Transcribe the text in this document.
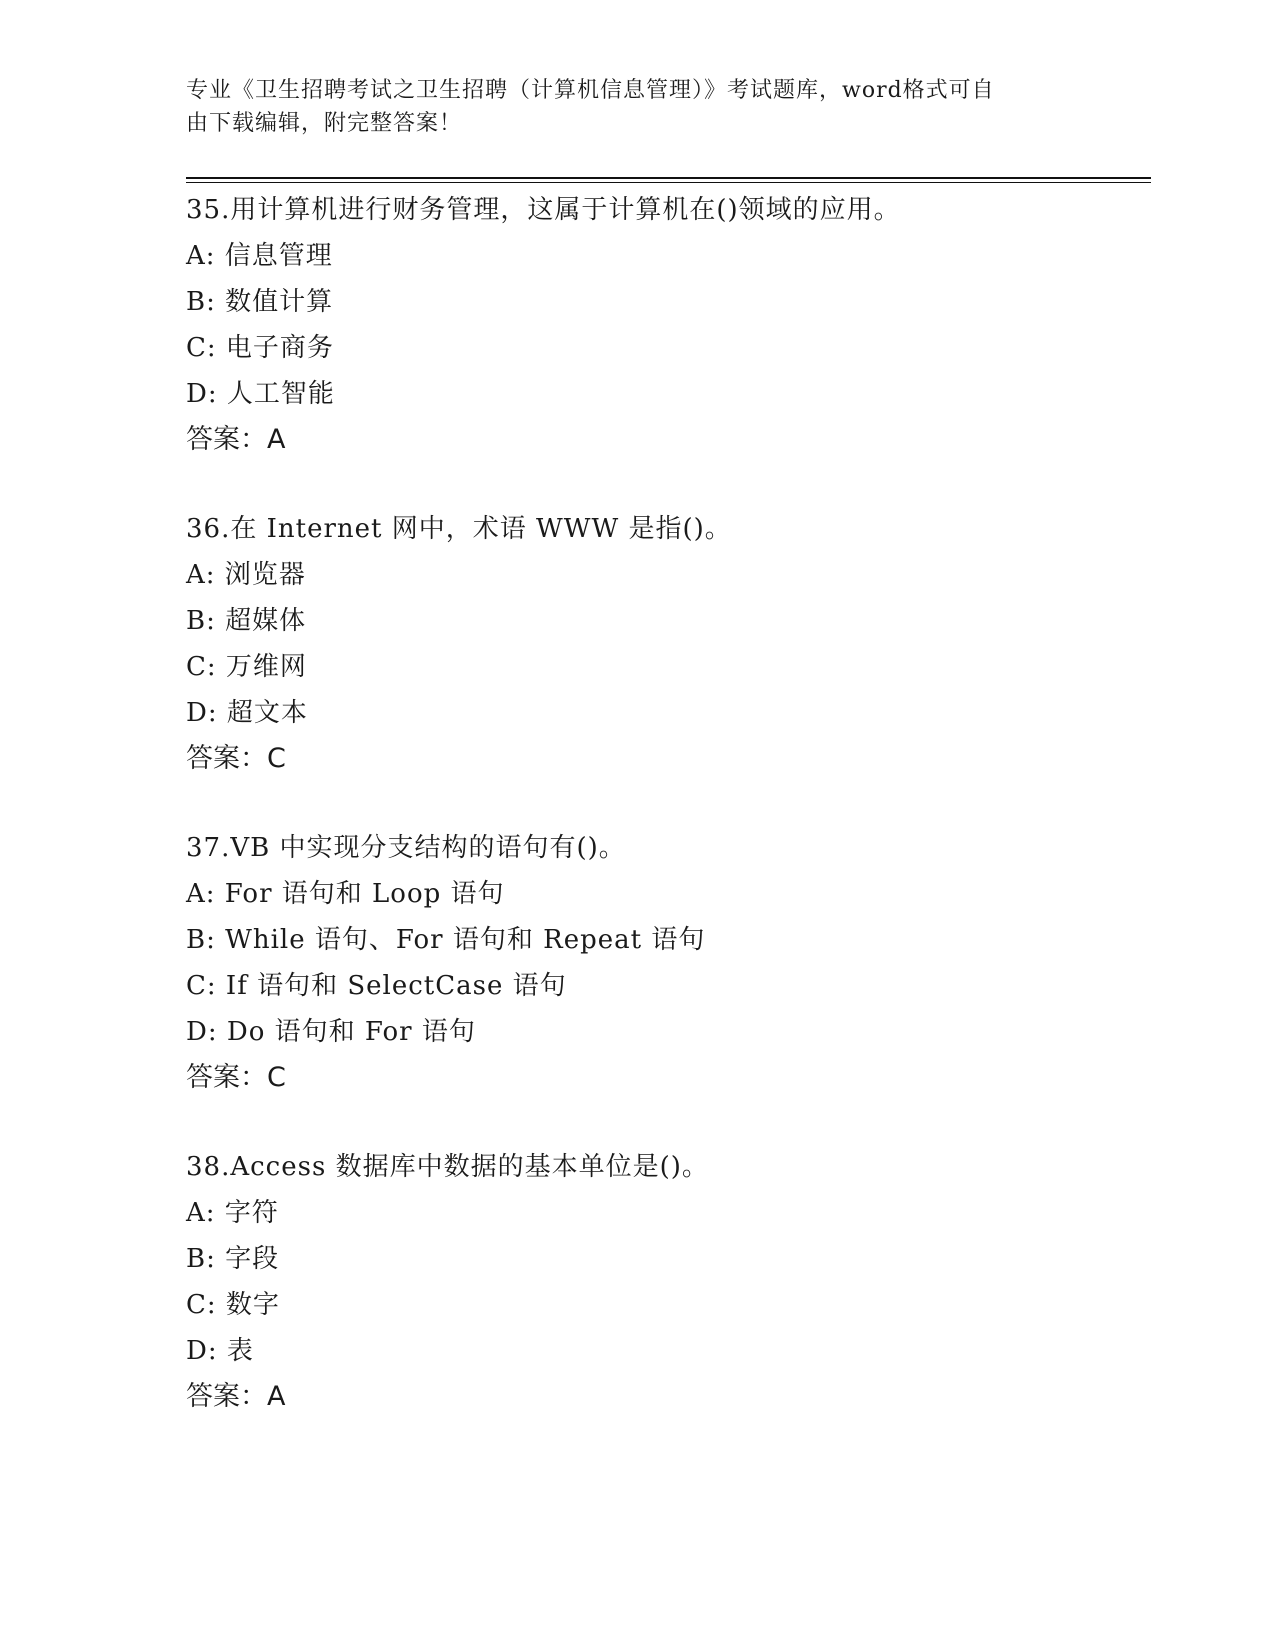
专业《卫生招聘考试之卫生招聘（计算机信息管理）》考试题库，word格式可自
由下载编辑，附完整答案！
35.用计算机进行财务管理，这属于计算机在()领域的应用。
A: 信息管理
B: 数值计算
C: 电子商务
D: 人工智能
答案：A
36.在 Internet 网中，术语 WWW 是指()。
A: 浏览器
B: 超媒体
C: 万维网
D: 超文本
答案：C
37.VB 中实现分支结构的语句有()。
A: For 语句和 Loop 语句
B: While 语句、For 语句和 Repeat 语句
C: If 语句和 SelectCase 语句
D: Do 语句和 For 语句
答案：C
38.Access 数据库中数据的基本单位是()。
A: 字符
B: 字段
C: 数字
D: 表
答案：A
